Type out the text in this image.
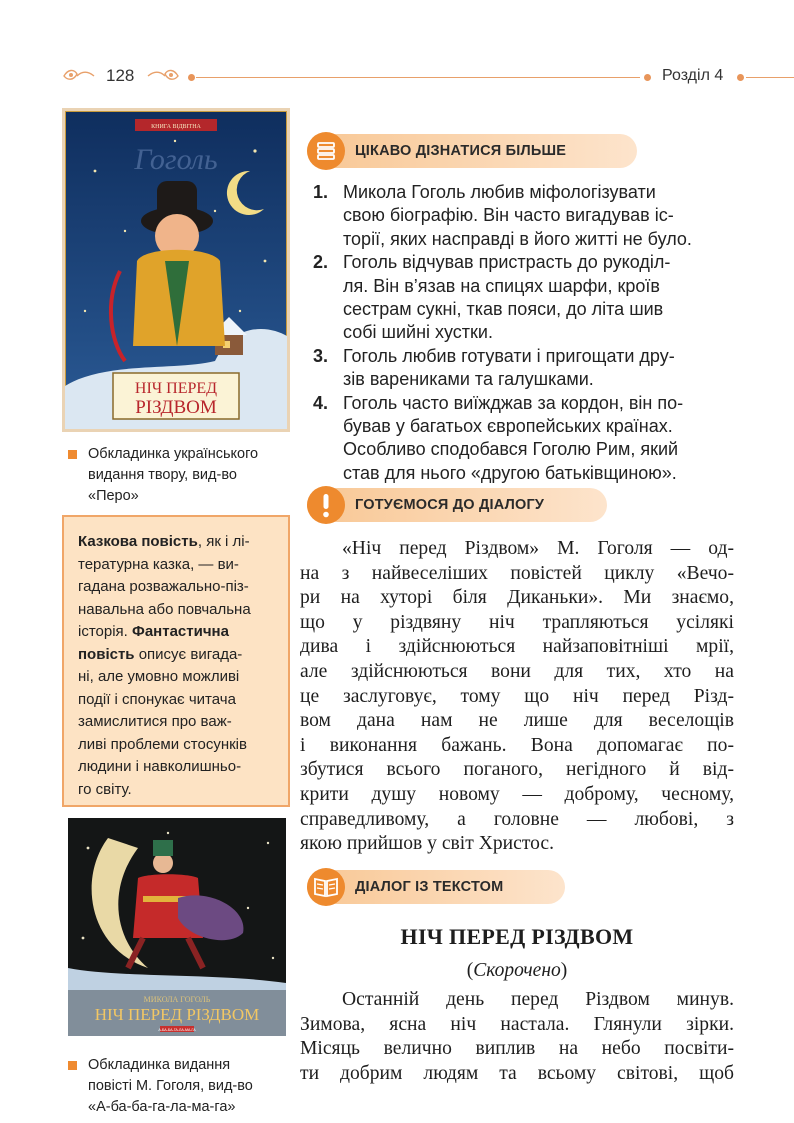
128	Розділ 4
КНИГА ВІДВІТНА
Гоголь
НІЧ ПЕРЕД
РІЗДВОМ
Обкладинка українського
видання твору, вид-во
«Перо»
Казкова повість, як і лі-
тературна казка, — ви-
гадана розважально-піз-
навальна або повчальна
історія. Фантастична
повість описує вигада-
ні, але умовно можливі
події і спонукає читача
замислитися про важ-
ливі проблеми стосунків
людини і навколишньо-
го світу.
МИКОЛА ГОГОЛЬ
НІЧ ПЕРЕД РІЗДВОМ
А-БА-БА-ГА-ЛА-МА-ГА
Обкладинка видання
повісті М. Гоголя, вид-во
«А-ба-ба-га-ла-ма-га»
ЦІКАВО ДІЗНАТИСЯ БІЛЬШЕ
1. Микола Гоголь любив міфологізувати
свою біографію. Він часто вигадував іс-
торії, яких насправді в його житті не було.
2. Гоголь відчував пристрасть до рукоділ-
ля. Він в’язав на спицях шарфи, кроїв
сестрам сукні, ткав пояси, до літа шив
собі шийні хустки.
3. Гоголь любив готувати і пригощати дру-
зів варениками та галушками.
4. Гоголь часто виїжджав за кордон, він по-
бував у багатьох європейських країнах.
Особливо сподобався Гоголю Рим, який
став для нього «другою батьківщиною».
ГОТУЄМОСЯ ДО ДІАЛОГУ
«Ніч перед Різдвом» М. Гоголя — од-
на з найвеселіших повістей циклу «Вечо-
ри на хуторі біля Диканьки». Ми знаємо,
що у різдвяну ніч трапляються усілякі
дива і здійснюються найзаповітніші мрії,
але здійснюються вони для тих, хто на
це заслуговує, тому що ніч перед Різд-
вом дана нам не лише для веселощів
і виконання бажань. Вона допомагає по-
збутися всього поганого, негідного й від-
крити душу новому — доброму, чесному,
справедливому, а головне — любові, з
якою прийшов у світ Христос.
ДІАЛОГ ІЗ ТЕКСТОМ
НІЧ ПЕРЕД РІЗДВОМ
(Скорочено)
Останній день перед Різдвом минув.
Зимова, ясна ніч настала. Глянули зірки.
Місяць велично виплив на небо посвіти-
ти добрим людям та всьому світові, щоб
